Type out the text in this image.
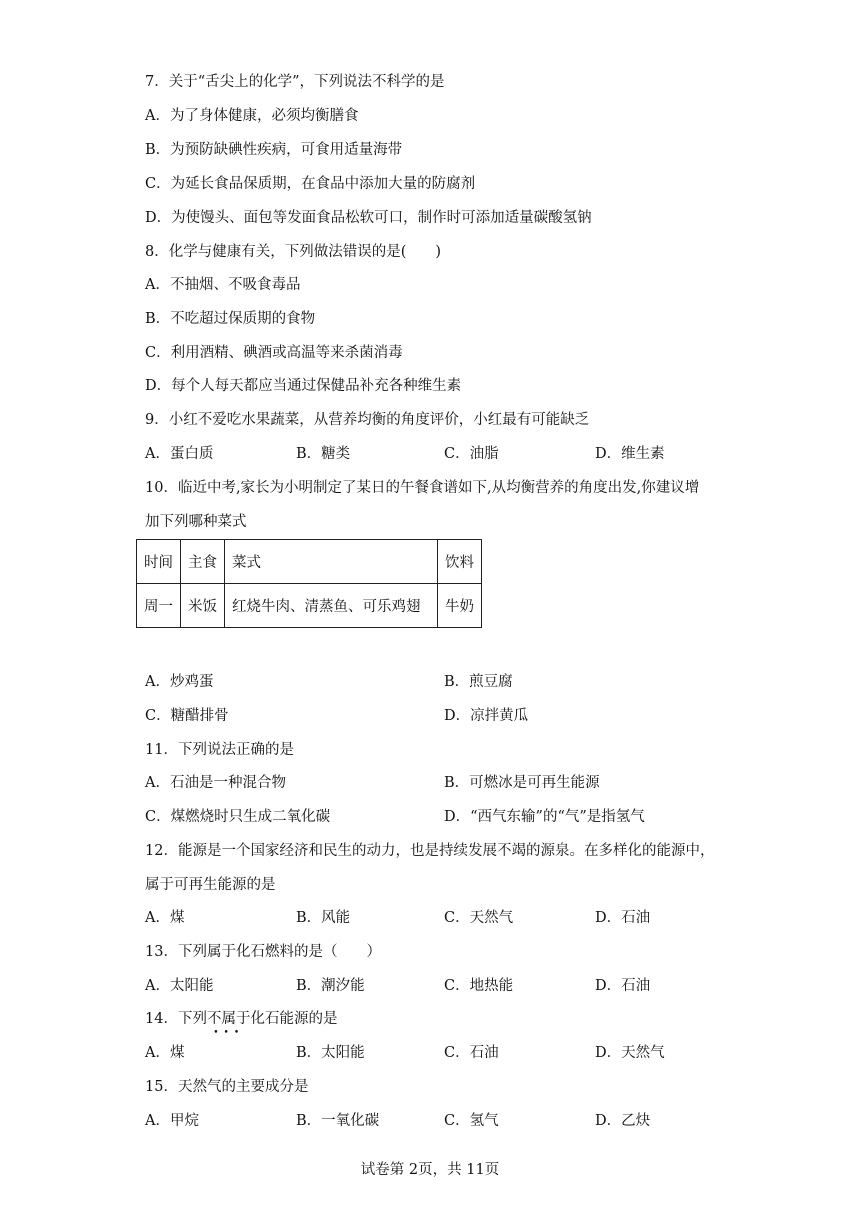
7．关于“舌尖上的化学”，下列说法不科学的是
A．为了身体健康，必须均衡膳食
B．为预防缺碘性疾病，可食用适量海带
C．为延长食品保质期，在食品中添加大量的防腐剂
D．为使馒头、面包等发面食品松软可口，制作时可添加适量碳酸氢钠
8．化学与健康有关，下列做法错误的是(　　)
A．不抽烟、不吸食毒品
B．不吃超过保质期的食物
C．利用酒精、碘酒或高温等来杀菌消毒
D．每个人每天都应当通过保健品补充各种维生素
9．小红不爱吃水果蔬菜，从营养均衡的角度评价，小红最有可能缺乏
A．蛋白质	B．糖类	C．油脂	D．维生素
10．临近中考,家长为小明制定了某日的午餐食谱如下,从均衡营养的角度出发,你建议增
加下列哪种菜式
时间	主食	菜式	饮料
周一	米饭	红烧牛肉、清蒸鱼、可乐鸡翅	牛奶
A．炒鸡蛋	B．煎豆腐
C．糖醋排骨	D．凉拌黄瓜
11．下列说法正确的是
A．石油是一种混合物	B．可燃冰是可再生能源
C．煤燃烧时只生成二氧化碳	D．“西气东输”的“气”是指氢气
12．能源是一个国家经济和民生的动力，也是持续发展不竭的源泉。在多样化的能源中，
属于可再生能源的是
A．煤	B．风能	C．天然气	D．石油
13．下列属于化石燃料的是（　　）
A．太阳能	B．潮汐能	C．地热能	D．石油
14．下列不属于
•••
化石能源的是
A．煤	B．太阳能	C．石油	D．天然气
15．天然气的主要成分是
A．甲烷	B．一氧化碳	C．氢气	D．乙炔
试卷第 2页，共 11页
